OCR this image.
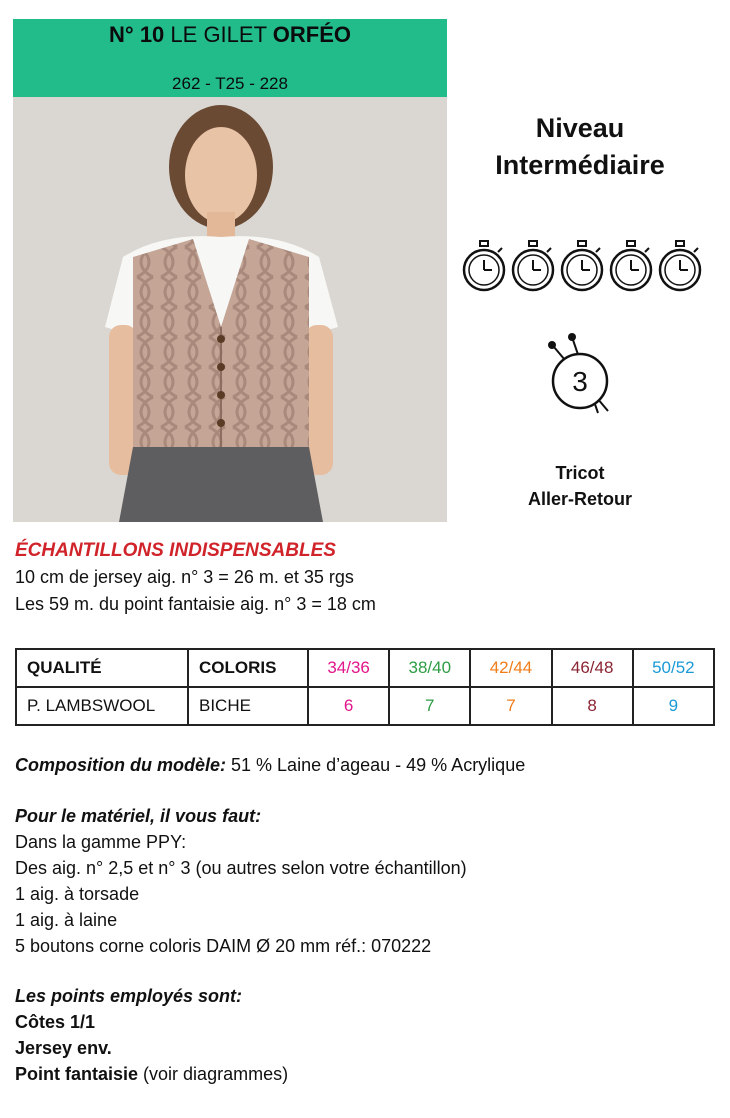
N° 10 LE GILET ORFÉO
262 - T25 - 228
Niveau
Intermédiaire
3
Tricot
Aller-Retour
ÉCHANTILLONS INDISPENSABLES
10 cm de jersey aig. n° 3 = 26 m. et 35 rgs
Les 59 m. du point fantaisie aig. n° 3 = 18 cm
QUALITÉ	COLORIS	34/36	38/40	42/44	46/48	50/52
P. LAMBSWOOL	BICHE	6	7	7	8	9
Composition du modèle: 51 % Laine d’ageau - 49 % Acrylique
Pour le matériel, il vous faut:
Dans la gamme PPY:
Des aig. n° 2,5 et n° 3 (ou autres selon votre échantillon)
1 aig. à torsade
1 aig. à laine
5 boutons corne coloris DAIM Ø 20 mm réf.: 070222
Les points employés sont:
Côtes 1/1
Jersey env.
Point fantaisie (voir diagrammes)
